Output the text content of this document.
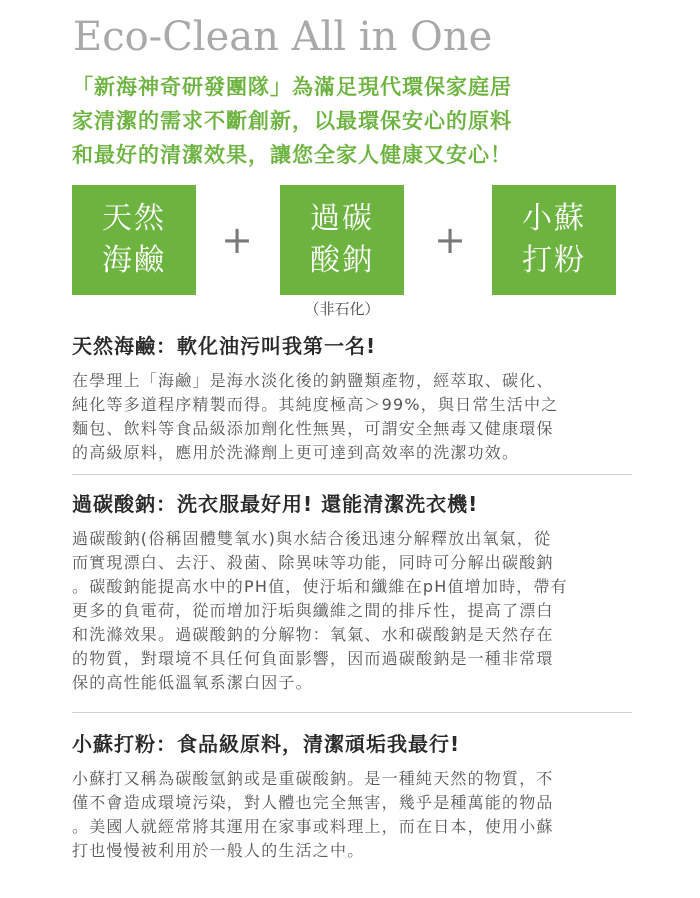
Eco-Clean All in One
「新海神奇研發團隊」為滿足現代環保家庭居
家清潔的需求不斷創新，以最環保安心的原料
和最好的清潔效果，讓您全家人健康又安心！
天然
海鹼 + 過碳
酸鈉 + 小蘇
打粉
（非石化）
天然海鹼：軟化油污叫我第一名!
在學理上「海鹼」是海水淡化後的鈉鹽類產物，經萃取、碳化、
純化等多道程序精製而得。其純度極高＞99%，與日常生活中之
麵包、飲料等食品級添加劑化性無異，可謂安全無毒又健康環保
的高級原料，應用於洗滌劑上更可達到高效率的洗潔功效。
過碳酸鈉：洗衣服最好用! 還能清潔洗衣機!
過碳酸鈉(俗稱固體雙氧水)與水結合後迅速分解釋放出氧氣，從
而實現漂白、去汙、殺菌、除異味等功能，同時可分解出碳酸鈉
。碳酸鈉能提高水中的PH值，使汙垢和纖維在pH值增加時，帶有
更多的負電荷，從而增加汙垢與纖維之間的排斥性，提高了漂白
和洗滌效果。過碳酸鈉的分解物：氧氣、水和碳酸鈉是天然存在
的物質，對環境不具任何負面影響，因而過碳酸鈉是一種非常環
保的高性能低溫氧系潔白因子。
小蘇打粉：食品級原料，清潔頑垢我最行!
小蘇打又稱為碳酸氫鈉或是重碳酸鈉。是一種純天然的物質，不
僅不會造成環境污染，對人體也完全無害，幾乎是種萬能的物品
。美國人就經常將其運用在家事或料理上，而在日本，使用小蘇
打也慢慢被利用於一般人的生活之中。
